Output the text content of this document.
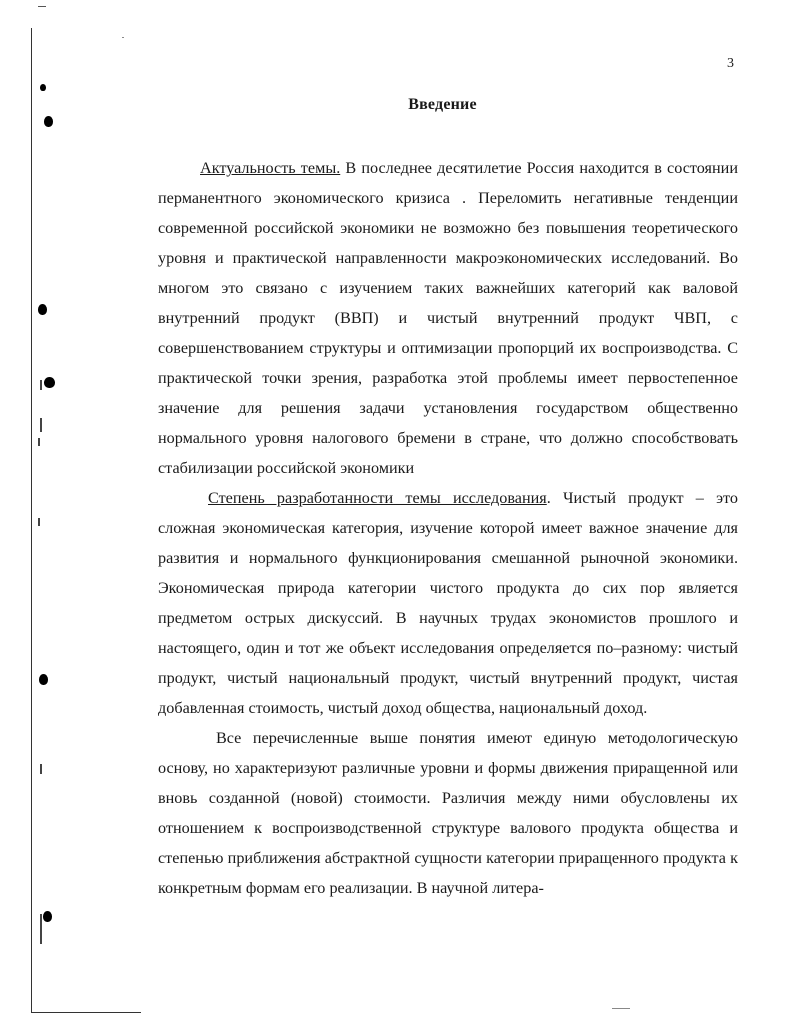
3
Введение

Актуальность темы. В последнее десятилетие Россия находится в состоянии перманентного экономического кризиса . Переломить негативные тенденции современной российской экономики не возможно без повышения теоретического уровня и практической направленности макроэкономических исследований. Во многом это связано с изучением таких важнейших категорий как валовой внутренний продукт (ВВП) и чистый внутренний продукт ЧВП, с совершенствованием структуры и оптимизации пропорций их воспроизводства. С практической точки зрения, разработка этой проблемы имеет первостепенное значение для решения задачи установления государством общественно нормального уровня налогового бремени в стране, что должно способствовать стабилизации российской экономики

Степень разработанности темы исследования. Чистый продукт – это сложная экономическая категория, изучение которой имеет важное значение для развития и нормального функционирования смешанной рыночной экономики. Экономическая природа категории чистого продукта до сих пор является предметом острых дискуссий. В научных трудах экономистов прошлого и настоящего, один и тот же объект исследования определяется по–разному: чистый продукт, чистый национальный продукт, чистый внутренний продукт, чистая добавленная стоимость, чистый доход общества, национальный доход.

Все перечисленные выше понятия имеют единую методологическую основу, но характеризуют различные уровни и формы движения приращенной или вновь созданной (новой) стоимости. Различия между ними обусловлены их отношением к воспроизводственной структуре валового продукта общества и степенью приближения абстрактной сущности категории приращенного продукта к конкретным формам его реализации. В научной литера-
